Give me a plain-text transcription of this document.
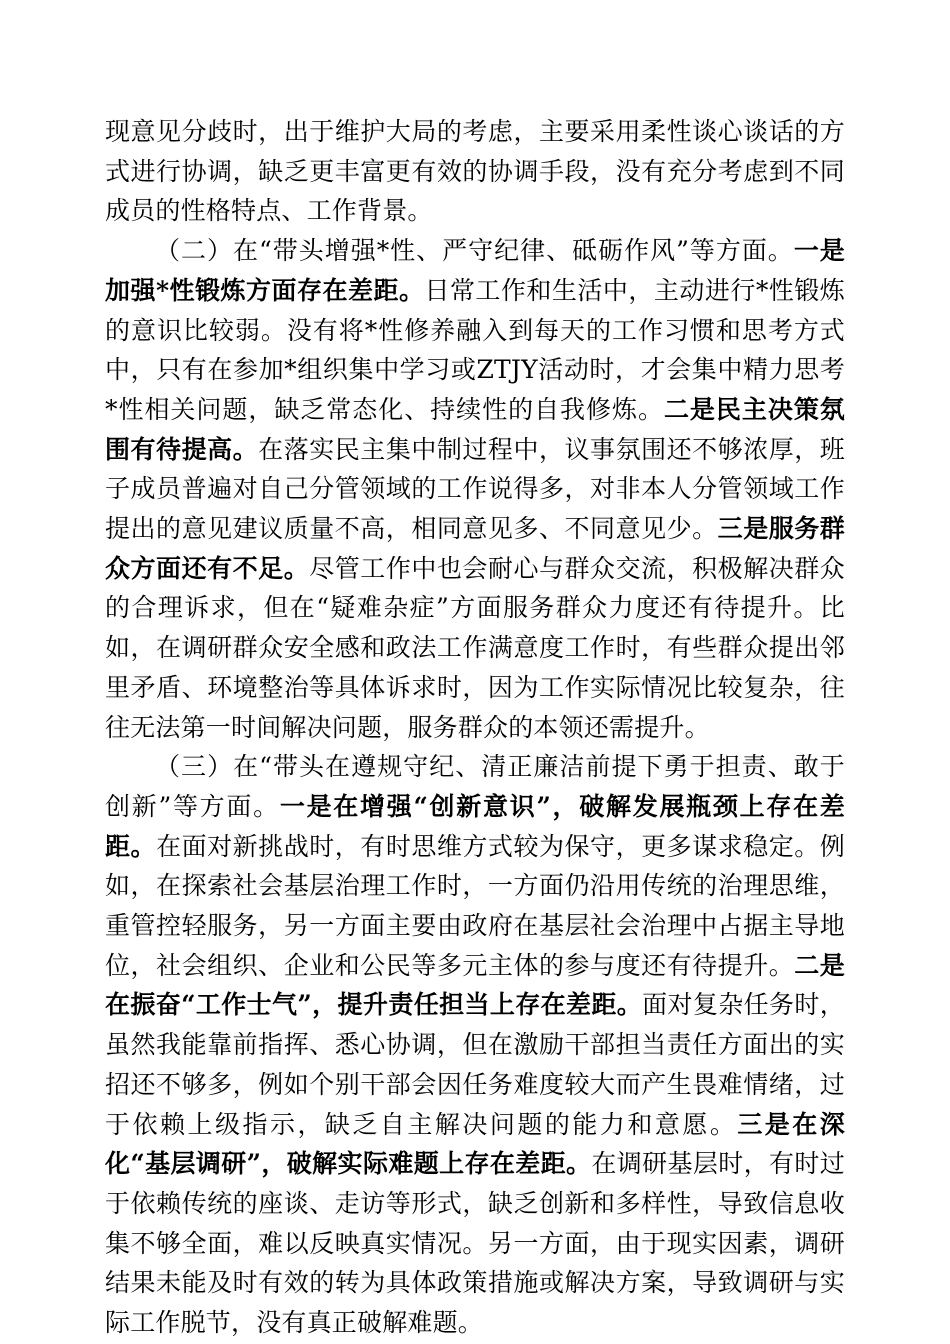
现意见分歧时，出于维护大局的考虑，主要采用柔性谈心谈话的方式进行协调，缺乏更丰富更有效的协调手段，没有充分考虑到不同成员的性格特点、工作背景。

（二）在“带头增强*性、严守纪律、砥砺作风”等方面。一是加强*性锻炼方面存在差距。日常工作和生活中，主动进行*性锻炼的意识比较弱。没有将*性修养融入到每天的工作习惯和思考方式中，只有在参加*组织集中学习或ZTJY活动时，才会集中精力思考*性相关问题，缺乏常态化、持续性的自我修炼。二是民主决策氛围有待提高。在落实民主集中制过程中，议事氛围还不够浓厚，班子成员普遍对自己分管领域的工作说得多，对非本人分管领域工作提出的意见建议质量不高，相同意见多、不同意见少。三是服务群众方面还有不足。尽管工作中也会耐心与群众交流，积极解决群众的合理诉求，但在“疑难杂症”方面服务群众力度还有待提升。比如，在调研群众安全感和政法工作满意度工作时，有些群众提出邻里矛盾、环境整治等具体诉求时，因为工作实际情况比较复杂，往往无法第一时间解决问题，服务群众的本领还需提升。

（三）在“带头在遵规守纪、清正廉洁前提下勇于担责、敢于创新”等方面。一是在增强“创新意识”，破解发展瓶颈上存在差距。在面对新挑战时，有时思维方式较为保守，更多谋求稳定。例如，在探索社会基层治理工作时，一方面仍沿用传统的治理思维，重管控轻服务，另一方面主要由政府在基层社会治理中占据主导地位，社会组织、企业和公民等多元主体的参与度还有待提升。二是在振奋“工作士气”，提升责任担当上存在差距。面对复杂任务时，虽然我能靠前指挥、悉心协调，但在激励干部担当责任方面出的实招还不够多，例如个别干部会因任务难度较大而产生畏难情绪，过于依赖上级指示，缺乏自主解决问题的能力和意愿。三是在深化“基层调研”，破解实际难题上存在差距。在调研基层时，有时过于依赖传统的座谈、走访等形式，缺乏创新和多样性，导致信息收集不够全面，难以反映真实情况。另一方面，由于现实因素，调研结果未能及时有效的转为具体政策措施或解决方案，导致调研与实际工作脱节，没有真正破解难题。
